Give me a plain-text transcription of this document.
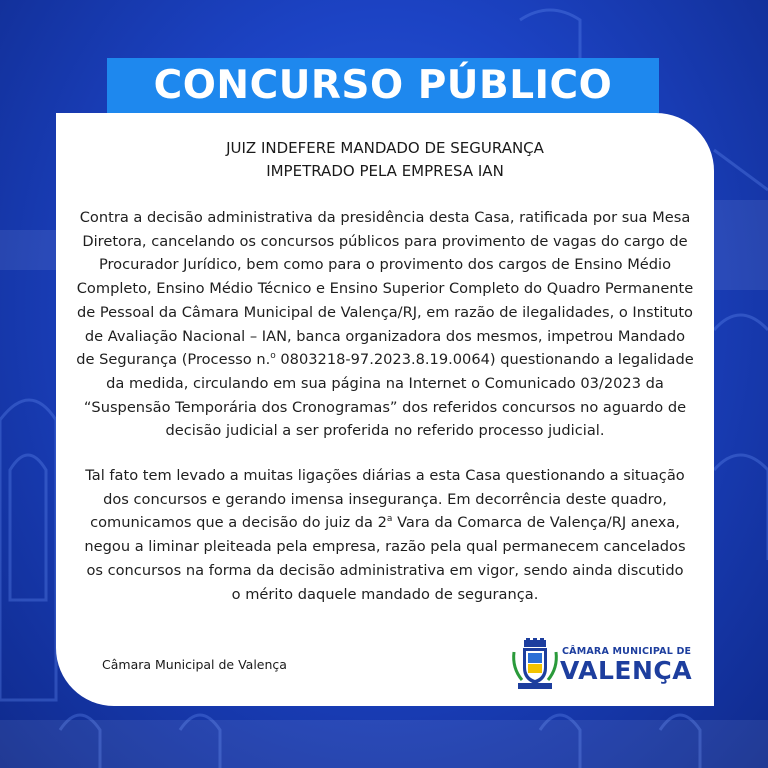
CONCURSO PÚBLICO
JUIZ INDEFERE MANDADO DE SEGURANÇA
IMPETRADO PELA EMPRESA IAN
Contra a decisão administrativa da presidência desta Casa, ratificada por sua Mesa
Diretora, cancelando os concursos públicos para provimento de vagas do cargo de
Procurador Jurídico, bem como para o provimento dos cargos de Ensino Médio
Completo, Ensino Médio Técnico e Ensino Superior Completo do Quadro Permanente
de Pessoal da Câmara Municipal de Valença/RJ, em razão de ilegalidades, o Instituto
de Avaliação Nacional – IAN, banca organizadora dos mesmos, impetrou Mandado
de Segurança (Processo n.$^o$ 0803218-97.2023.8.19.0064) questionando a legalidade
da medida, circulando em sua página na Internet o Comunicado 03/2023 da
“Suspensão Temporária dos Cronogramas” dos referidos concursos no aguardo de
decisão judicial a ser proferida no referido processo judicial.
Tal fato tem levado a muitas ligações diárias a esta Casa questionando a situação
dos concursos e gerando imensa insegurança. Em decorrência deste quadro,
comunicamos que a decisão do juiz da 2$^a$ Vara da Comarca de Valença/RJ anexa,
negou a liminar pleiteada pela empresa, razão pela qual permanecem cancelados
os concursos na forma da decisão administrativa em vigor, sendo ainda discutido
o mérito daquele mandado de segurança.
Câmara Municipal de Valença
CÂMARA MUNICIPAL DE
VALENÇA
